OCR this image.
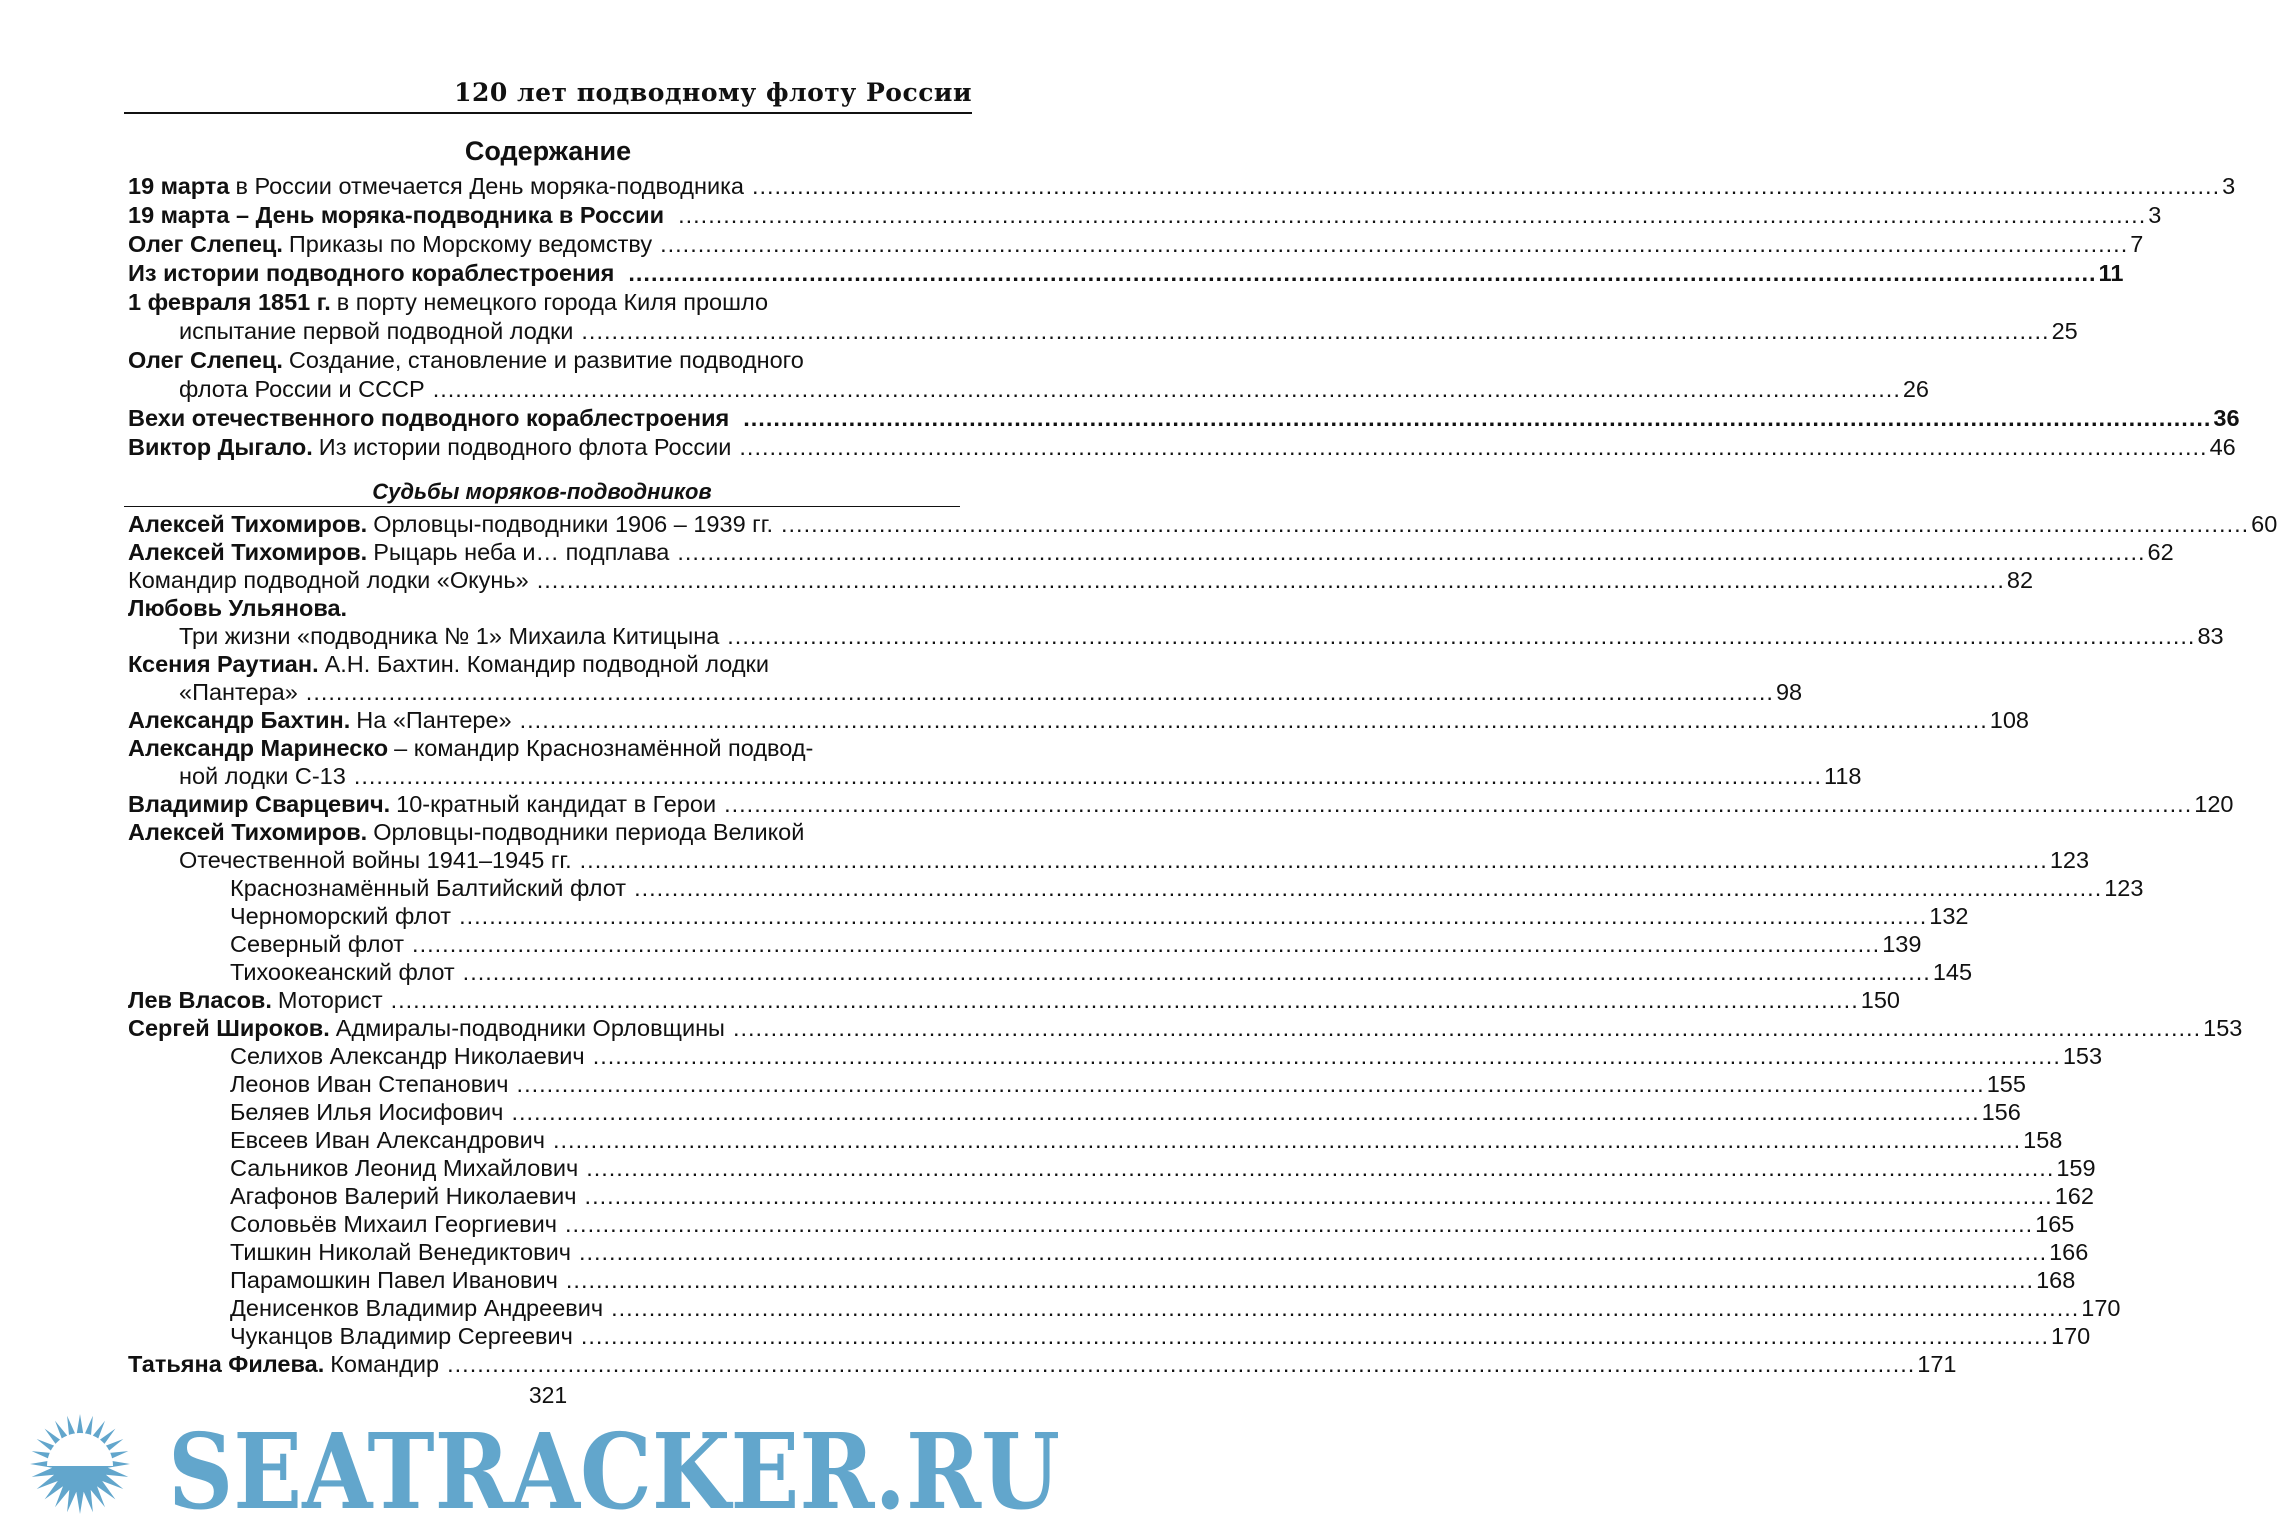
120 лет подводному флоту России
Содержание
19 марта в России отмечается День моряка-подводника .....	3
19 марта – День моряка-подводника в России .....	3
Олег Слепец. Приказы по Морскому ведомству .....	7
Из истории подводного кораблестроения .....	11
1 февраля 1851 г. в порту немецкого города Киля прошло
испытание первой подводной лодки .....	25
Олег Слепец. Создание, становление и развитие подводного
флота России и СССР .....	26
Вехи отечественного подводного кораблестроения .....	36
Виктор Дыгало. Из истории подводного флота России .....	46
Судьбы моряков-подводников
Алексей Тихомиров. Орловцы-подводники 1906 – 1939 гг. .....	60
Алексей Тихомиров. Рыцарь неба и… подплава .....	62
Командир подводной лодки «Окунь» .....	82
Любовь Ульянова.
Три жизни «подводника № 1» Михаила Китицына .....	83
Ксения Раутиан. А.Н. Бахтин. Командир подводной лодки
«Пантера» .....	98
Александр Бахтин. На «Пантере» .....	108
Александр Маринеско – командир Краснознамённой подвод-
ной лодки С-13 .....	118
Владимир Сварцевич. 10-кратный кандидат в Герои .....	120
Алексей Тихомиров. Орловцы-подводники периода Великой
Отечественной войны 1941–1945 гг. .....	123
Краснознамённый Балтийский флот .....	123
Черноморский флот .....	132
Северный флот .....	139
Тихоокеанский флот .....	145
Лев Власов. Моторист .....	150
Сергей Широков. Адмиралы-подводники Орловщины .....	153
Селихов Александр Николаевич .....	153
Леонов Иван Степанович .....	155
Беляев Илья Иосифович .....	156
Евсеев Иван Александрович .....	158
Сальников Леонид Михайлович .....	159
Агафонов Валерий Николаевич .....	162
Соловьёв Михаил Георгиевич .....	165
Тишкин Николай Венедиктович .....	166
Парамошкин Павел Иванович .....	168
Денисенков Владимир Андреевич .....	170
Чуканцов Владимир Сергеевич .....	170
Татьяна Филева. Командир .....	171
321
SEATRACKER.RU
